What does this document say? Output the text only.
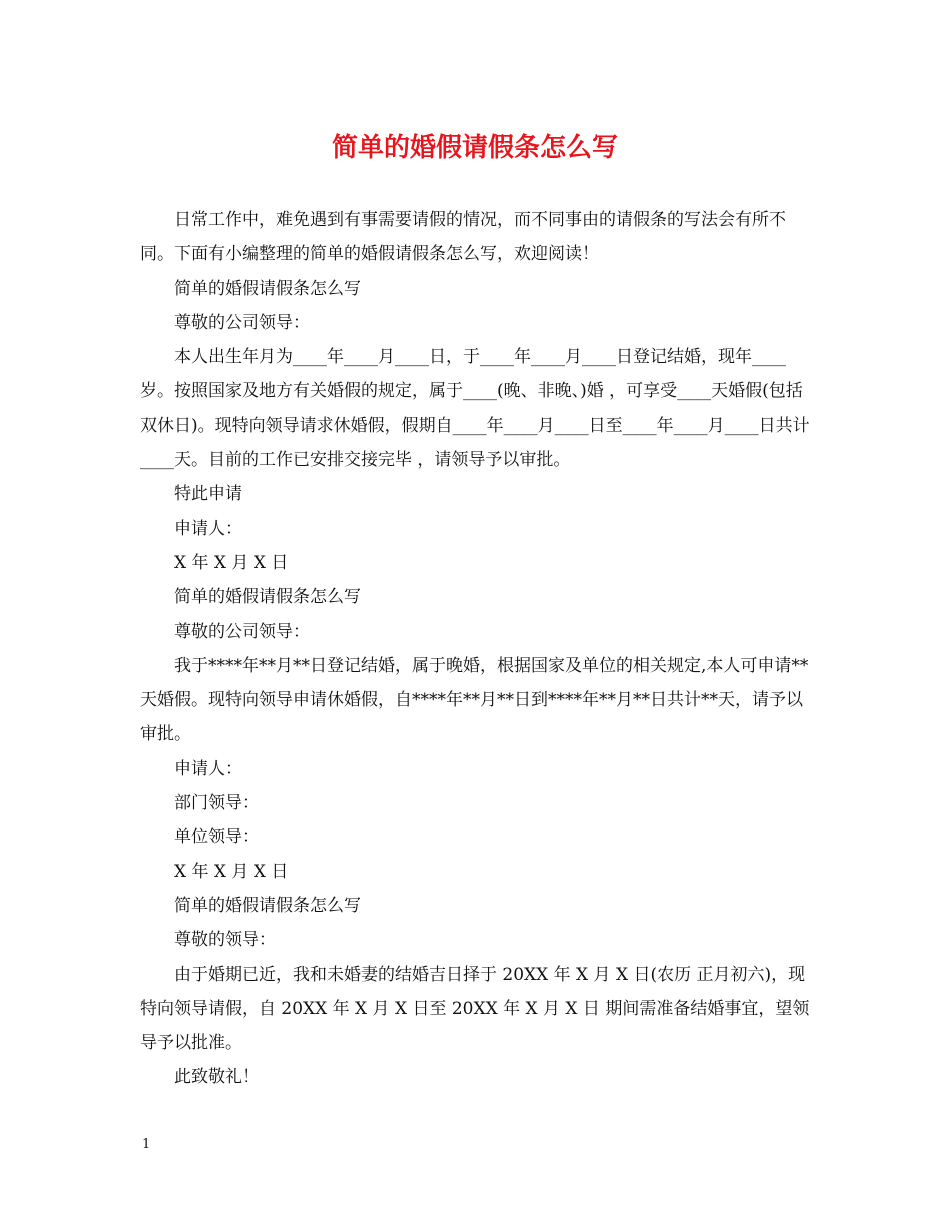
简单的婚假请假条怎么写

日常工作中，难免遇到有事需要请假的情况，而不同事由的请假条的写法会有所不同。下面有小编整理的简单的婚假请假条怎么写，欢迎阅读！

简单的婚假请假条怎么写

尊敬的公司领导：

本人出生年月为____年____月____日，于____年____月____日登记结婚，现年____岁。按照国家及地方有关婚假的规定，属于____(晚、非晚、)婚 ，可享受____天婚假(包括双休日)。现特向领导请求休婚假，假期自____年____月____日至____年____月____日共计____天。目前的工作已安排交接完毕 ，请领导予以审批。

特此申请

申请人：

X 年 X 月 X 日

简单的婚假请假条怎么写

尊敬的公司领导：

我于****年**月**日登记结婚，属于晚婚，根据国家及单位的相关规定,本人可申请**天婚假。现特向领导申请休婚假，自****年**月**日到****年**月**日共计**天，请予以审批。

申请人：

部门领导：

单位领导：

X 年 X 月 X 日

简单的婚假请假条怎么写

尊敬的领导：

由于婚期已近，我和未婚妻的结婚吉日择于 20XX 年 X 月 X 日(农历 正月初六)，现特向领导请假，自 20XX 年 X 月 X 日至 20XX 年 X 月 X 日 期间需准备结婚事宜，望领导予以批准。

此致敬礼！

1
